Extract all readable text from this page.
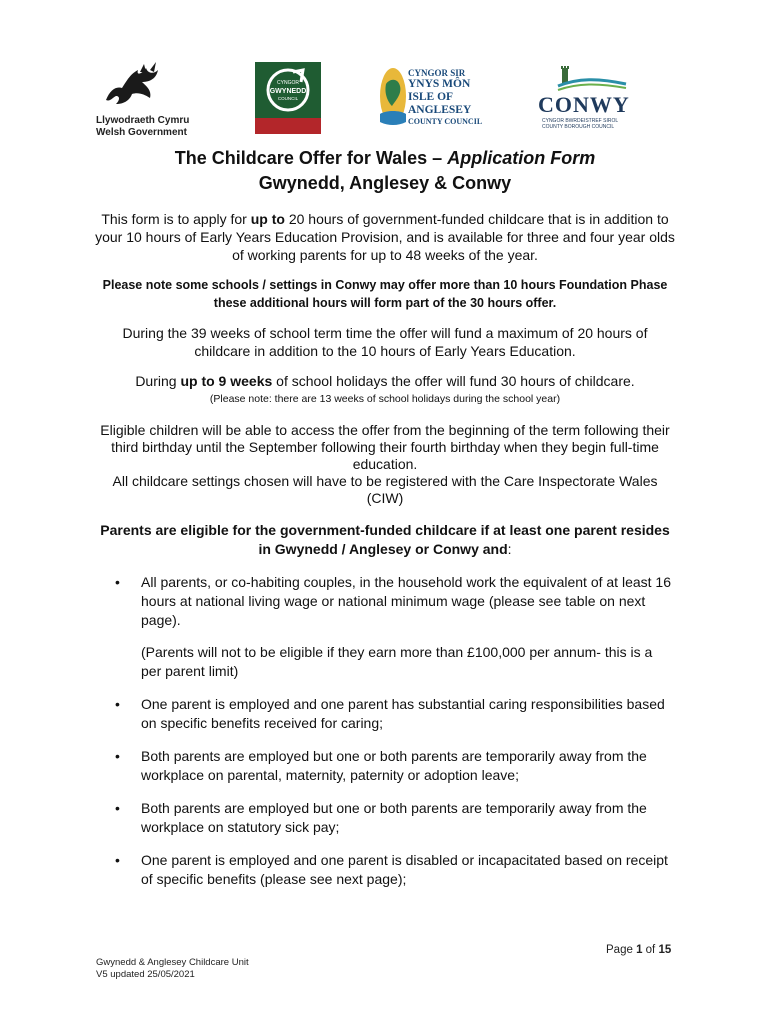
Llywodraeth Cymru
Welsh Government
CYNGOR
GWYNEDD
COUNCIL
CYNGOR SIR
YNYS MÔN
ISLE OF ANGLESEY
COUNTY COUNCIL
CONWY
CYNGOR BWRDEISTREF SIROL
COUNTY BOROUGH COUNCIL
The Childcare Offer for Wales – Application Form
Gwynedd, Anglesey & Conwy

This form is to apply for up to 20 hours of government-funded childcare that is in addition to your 10 hours of Early Years Education Provision, and is available for three and four year olds of working parents for up to 48 weeks of the year.

Please note some schools / settings in Conwy may offer more than 10 hours Foundation Phase these additional hours will form part of the 30 hours offer.

During the 39 weeks of school term time the offer will fund a maximum of 20 hours of childcare in addition to the 10 hours of Early Years Education.

During up to 9 weeks of school holidays the offer will fund 30 hours of childcare.

(Please note: there are 13 weeks of school holidays during the school year)

Eligible children will be able to access the offer from the beginning of the term following their third birthday until the September following their fourth birthday when they begin full-time education.

All childcare settings chosen will have to be registered with the Care Inspectorate Wales (CIW)

Parents are eligible for the government-funded childcare if at least one parent resides in Gwynedd / Anglesey or Conwy and:

• All parents, or co-habiting couples, in the household work the equivalent of at least 16 hours at national living wage or national minimum wage (please see table on next page).

(Parents will not to be eligible if they earn more than £100,000 per annum- this is a per parent limit)

• One parent is employed and one parent has substantial caring responsibilities based on specific benefits received for caring;
• Both parents are employed but one or both parents are temporarily away from the workplace on parental, maternity, paternity or adoption leave;
• Both parents are employed but one or both parents are temporarily away from the workplace on statutory sick pay;
• One parent is employed and one parent is disabled or incapacitated based on receipt of specific benefits (please see next page);
Page 1 of 15
Gwynedd & Anglesey Childcare Unit
V5 updated 25/05/2021
